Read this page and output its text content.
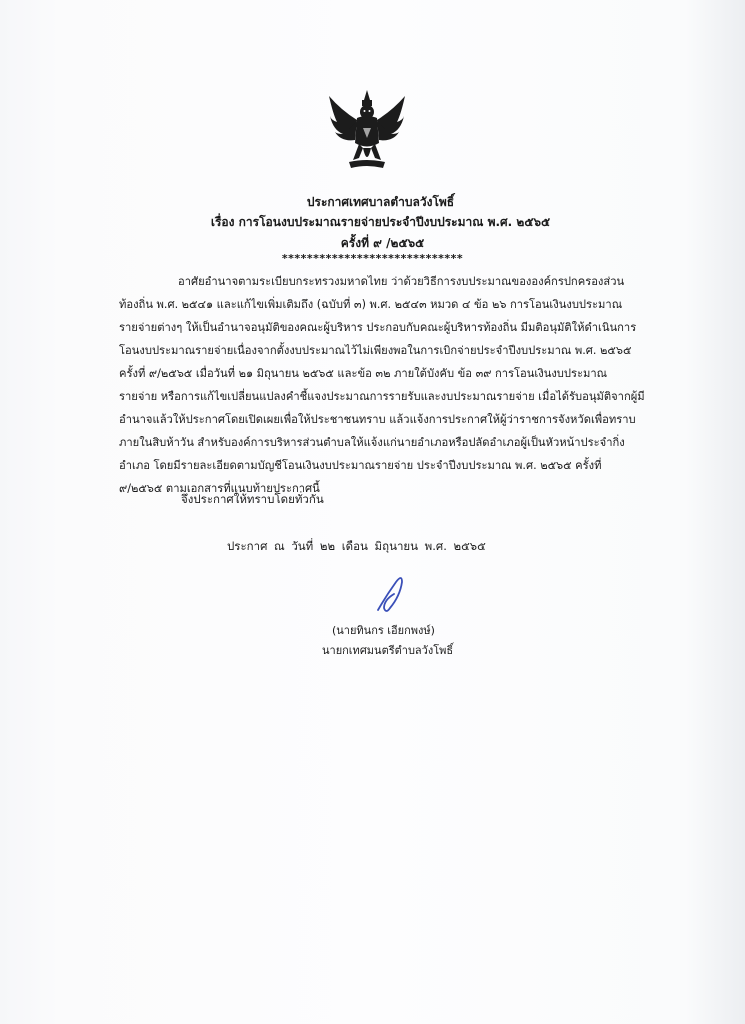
ประกาศเทศบาลตำบลวังโพธิ์
เรื่อง การโอนงบประมาณรายจ่ายประจำปีงบประมาณ พ.ศ. ๒๕๖๕
ครั้งที่ ๙ /๒๕๖๕
*****************************
อาศัยอำนาจตามระเบียบกระทรวงมหาดไทย ว่าด้วยวิธีการงบประมาณขององค์กรปกครองส่วน
ท้องถิ่น พ.ศ. ๒๕๔๑ และแก้ไขเพิ่มเติมถึง (ฉบับที่ ๓) พ.ศ. ๒๕๔๓ หมวด ๔ ข้อ ๒๖ การโอนเงินงบประมาณ
รายจ่ายต่างๆ ให้เป็นอำนาจอนุมัติของคณะผู้บริหาร ประกอบกับคณะผู้บริหารท้องถิ่น มีมติอนุมัติให้ดำเนินการ
โอนงบประมาณรายจ่ายเนื่องจากตั้งงบประมาณไว้ไม่เพียงพอในการเบิกจ่ายประจำปีงบประมาณ พ.ศ. ๒๕๖๕
ครั้งที่ ๙/๒๕๖๕ เมื่อวันที่ ๒๑ มิถุนายน ๒๕๖๕ และข้อ ๓๒ ภายใต้บังคับ ข้อ ๓๙ การโอนเงินงบประมาณ
รายจ่าย หรือการแก้ไขเปลี่ยนแปลงคำชี้แจงประมาณการรายรับและงบประมาณรายจ่าย เมื่อได้รับอนุมัติจากผู้มี
อำนาจแล้วให้ประกาศโดยเปิดเผยเพื่อให้ประชาชนทราบ แล้วแจ้งการประกาศให้ผู้ว่าราชการจังหวัดเพื่อทราบ
ภายในสิบห้าวัน สำหรับองค์การบริหารส่วนตำบลให้แจ้งแก่นายอำเภอหรือปลัดอำเภอผู้เป็นหัวหน้าประจำกิ่ง
อำเภอ โดยมีรายละเอียดตามบัญชีโอนเงินงบประมาณรายจ่าย ประจำปีงบประมาณ พ.ศ. ๒๕๖๕ ครั้งที่
๙/๒๕๖๕ ตามเอกสารที่แนบท้ายประกาศนี้
จึงประกาศให้ทราบโดยทั่วกัน
ประกาศ ณ วันที่ ๒๒ เดือน มิถุนายน พ.ศ. ๒๕๖๕
(นายทินกร เอียกพงษ์)
นายกเทศมนตรีตำบลวังโพธิ์
